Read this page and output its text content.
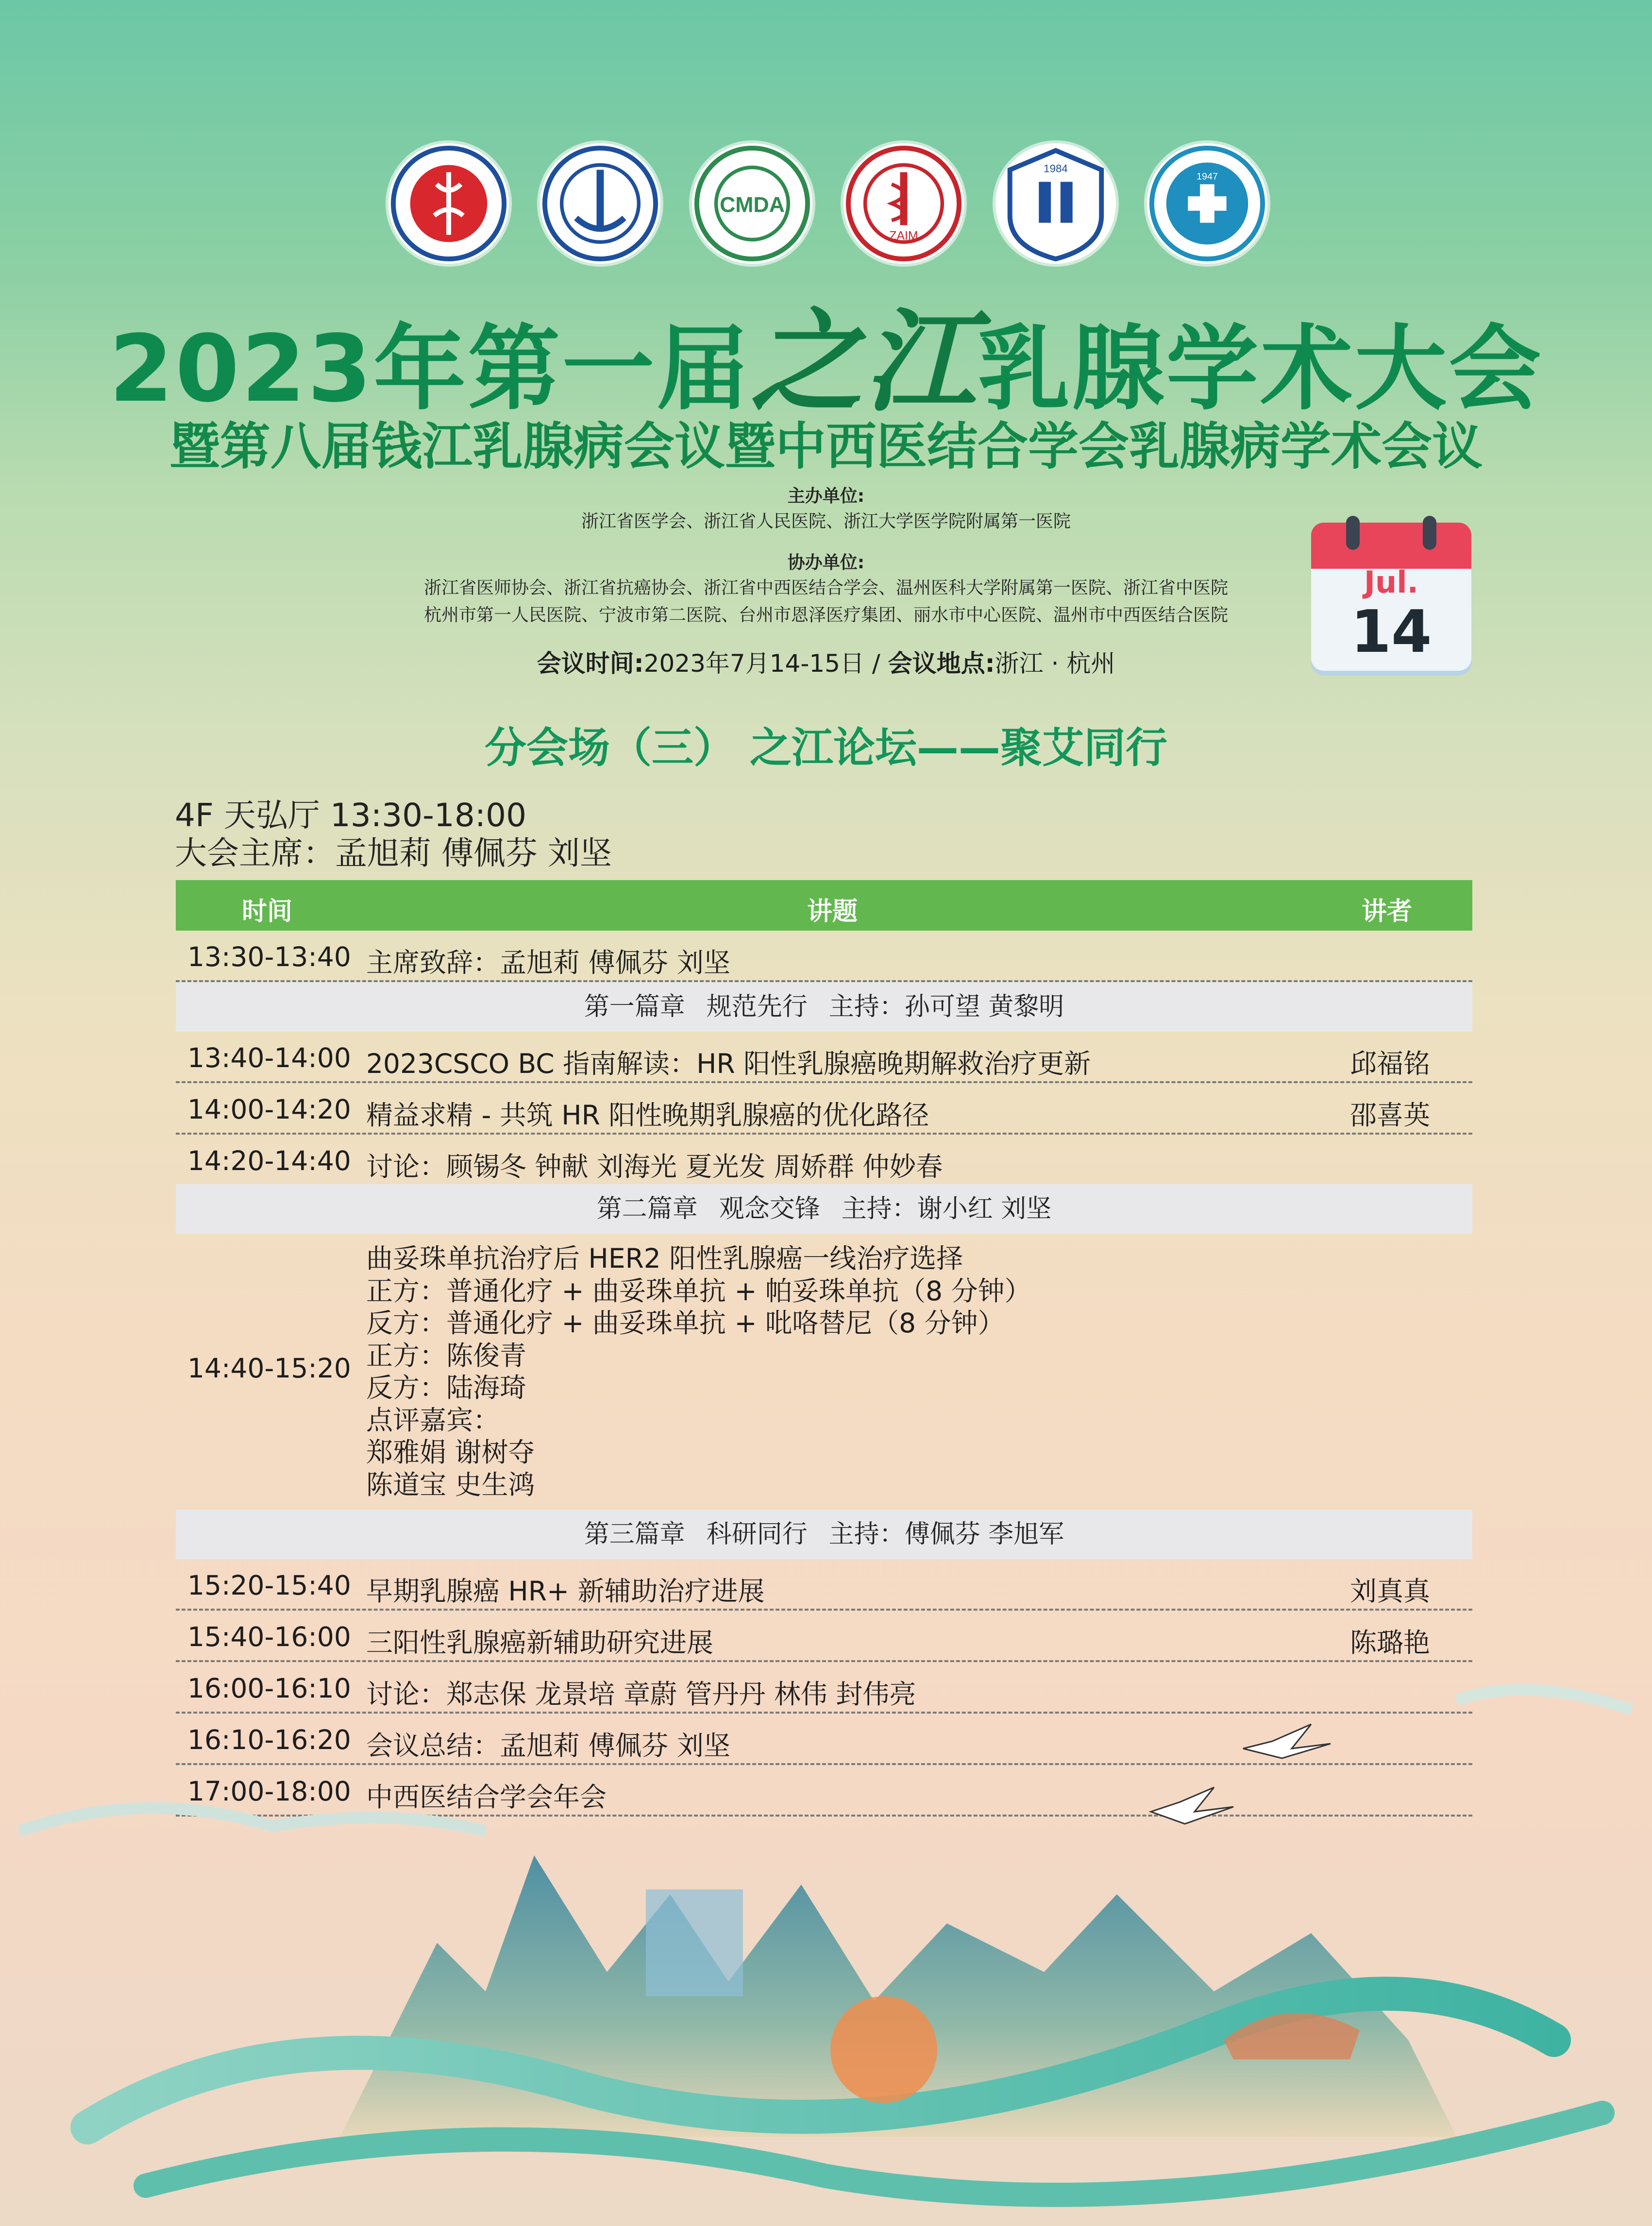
CMDA
ZAIM
1984
1947
2023年第一届之江乳腺学术大会
暨第八届钱江乳腺病会议暨中西医结合学会乳腺病学术会议
主办单位:
浙江省医学会、浙江省人民医院、浙江大学医学院附属第一医院
协办单位:
浙江省医师协会、浙江省抗癌协会、浙江省中西医结合学会、温州医科大学附属第一医院、浙江省中医院
杭州市第一人民医院、宁波市第二医院、台州市恩泽医疗集团、丽水市中心医院、温州市中西医结合医院
会议时间:2023年7月14-15日 / 会议地点:浙江 · 杭州
Jul.
14
分会场（三） 之江论坛——聚艾同行
4F 天弘厅 13:30-18:00
大会主席：孟旭莉 傅佩芬 刘坚
时间	讲题	讲者
13:30-13:40 主席致辞：孟旭莉 傅佩芬 刘坚
第一篇章 规范先行 主持：孙可望 黄黎明
13:40-14:00 2023CSCO BC 指南解读：HR 阳性乳腺癌晚期解救治疗更新	邱福铭
14:00-14:20 精益求精 - 共筑 HR 阳性晚期乳腺癌的优化路径	邵喜英
14:20-14:40 讨论：顾锡冬 钟献 刘海光 夏光发 周娇群 仲妙春
第二篇章 观念交锋 主持：谢小红 刘坚
14:40-15:20
曲妥珠单抗治疗后 HER2 阳性乳腺癌一线治疗选择
正方：普通化疗 + 曲妥珠单抗 + 帕妥珠单抗（8 分钟）
反方：普通化疗 + 曲妥珠单抗 + 吡咯替尼（8 分钟）
正方：陈俊青
反方：陆海琦
点评嘉宾：
郑雅娟 谢树夺
陈道宝 史生鸿
第三篇章 科研同行 主持：傅佩芬 李旭军
15:20-15:40 早期乳腺癌 HR+ 新辅助治疗进展	刘真真
15:40-16:00 三阳性乳腺癌新辅助研究进展	陈璐艳
16:00-16:10 讨论：郑志保 龙景培 章蔚 管丹丹 林伟 封伟亮
16:10-16:20 会议总结：孟旭莉 傅佩芬 刘坚
17:00-18:00 中西医结合学会年会
